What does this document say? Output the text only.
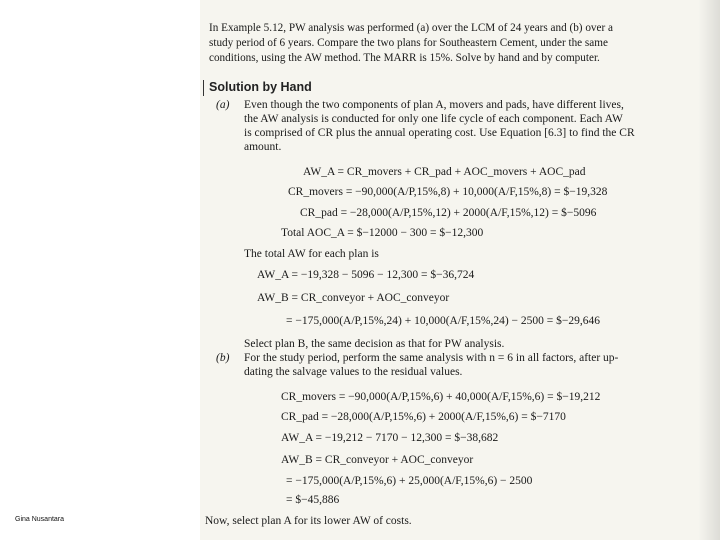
In Example 5.12, PW analysis was performed (a) over the LCM of 24 years and (b) over a
study period of 6 years. Compare the two plans for Southeastern Cement, under the same
conditions, using the AW method. The MARR is 15%. Solve by hand and by computer.
Solution by Hand
(a) Even though the two components of plan A, movers and pads, have different lives,
the AW analysis is conducted for only one life cycle of each component. Each AW
is comprised of CR plus the annual operating cost. Use Equation [6.3] to find the CR
amount.
AW_A = CR_movers + CR_pad + AOC_movers + AOC_pad
CR_movers = −90,000(A/P,15%,8) + 10,000(A/F,15%,8) = $−19,328
CR_pad = −28,000(A/P,15%,12) + 2000(A/F,15%,12) = $−5096
Total AOC_A = $−12000 − 300 = $−12,300
The total AW for each plan is
AW_A = −19,328 − 5096 − 12,300 = $−36,724
AW_B = CR_conveyor + AOC_conveyor
= −175,000(A/P,15%,24) + 10,000(A/F,15%,24) − 2500 = $−29,646
Select plan B, the same decision as that for PW analysis.
(b) For the study period, perform the same analysis with n = 6 in all factors, after up-
dating the salvage values to the residual values.
CR_movers = −90,000(A/P,15%,6) + 40,000(A/F,15%,6) = $−19,212
CR_pad = −28,000(A/P,15%,6) + 2000(A/F,15%,6) = $−7170
AW_A = −19,212 − 7170 − 12,300 = $−38,682
AW_B = CR_conveyor + AOC_conveyor
= −175,000(A/P,15%,6) + 25,000(A/F,15%,6) − 2500
= $−45,886
Now, select plan A for its lower AW of costs.
Gina Nusantara
